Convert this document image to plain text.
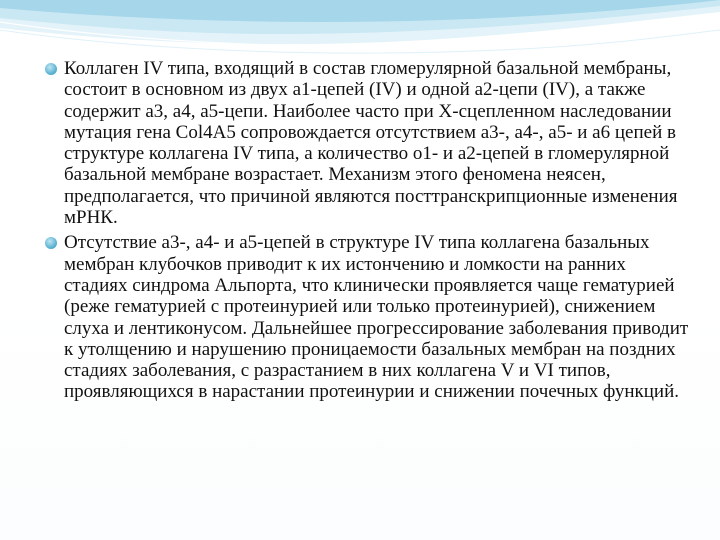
Коллаген IV типа, входящий в состав гломерулярной базальной мембраны, состоит в основном из двух a1-цепей (IV) и одной a2-цепи (IV), а также содержит а3, а4, а5-цепи. Наиболее часто при Х-сцепленном наследовании мутация гена Col4A5 сопровождается отсутствием а3-, а4-, а5- и а6 цепей в структуре коллагена IV типа, а количество о1- и а2-цепей в гломерулярной базальной мембране возрастает. Механизм этого феномена неясен, предполагается, что причиной являются посттранскрипционные изменения мРНК.
Отсутствие а3-, а4- и а5-цепей в структуре IV типа коллагена базальных мембран клубочков приводит к их истончению и ломкости на ранних стадиях синдрома Альпорта, что клинически проявляется чаще гематурией (реже гематурией с протеинурией или только протеинурией), снижением слуха и лентиконусом. Дальнейшее прогрессирование заболевания приводит к утолщению и нарушению проницаемости базальных мембран на поздних стадиях заболевания, с разрастанием в них коллагена V и VI типов, проявляющихся в нарастании протеинурии и снижении почечных функций.
